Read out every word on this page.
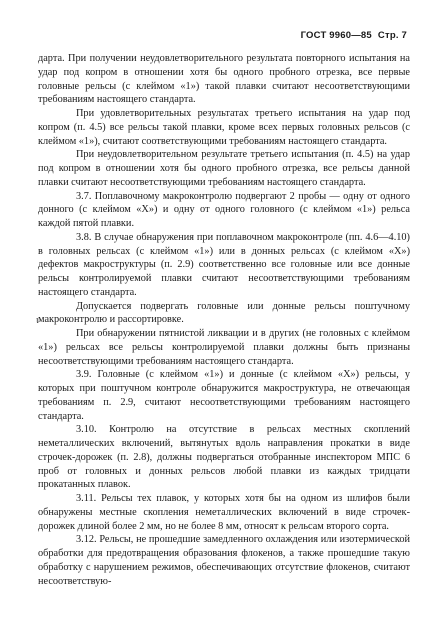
ГОСТ 9960—85 Стр. 7
ι

дарта. При получении неудовлетворительного результата повторного испытания на удар под копром в отношении хотя бы одного пробного отрезка, все первые головные рельсы (с клеймом «1») такой плавки считают несоответствующими требованиям настоящего стандарта.

При удовлетворительных результатах третьего испытания на удар под копром (п. 4.5) все рельсы такой плавки, кроме всех первых головных рельсов (с клеймом «1»), считают соответствующими требованиям настоящего стандарта.

При неудовлетворительном результате третьего испытания (п. 4.5) на удар под копром в отношении хотя бы одного пробного отрезка, все рельсы данной плавки считают несоответствующими требованиям настоящего стандарта.

3.7. Поплавочному макроконтролю подвергают 2 пробы — одну от одного донного (с клеймом «Х») и одну от одного головного (с клеймом «1») рельса каждой пятой плавки.

3.8. В случае обнаружения при поплавочном макроконтроле (пп. 4.6—4.10) в головных рельсах (с клеймом «1») или в донных рельсах (с клеймом «Х») дефектов макроструктуры (п. 2.9) соответственно все головные или все донные рельсы контролируемой плавки считают несоответствующими требованиям настоящего стандарта.

Допускается подвергать головные или донные рельсы поштучному макроконтролю и рассортировке.

При обнаружении пятнистой ликвации и в других (не головных с клеймом «1») рельсах все рельсы контролируемой плавки должны быть признаны несоответствующими требованиям настоящего стандарта.

3.9. Головные (с клеймом «1») и донные (с клеймом «Х») рельсы, у которых при поштучном контроле обнаружится макроструктура, не отвечающая требованиям п. 2.9, считают несоответствующими требованиям настоящего стандарта.

3.10. Контролю на отсутствие в рельсах местных скоплений неметаллических включений, вытянутых вдоль направления прокатки в виде строчек-дорожек (п. 2.8), должны подвергаться отобранные инспектором МПС 6 проб от головных и донных рельсов любой плавки из каждых тридцати прокатанных плавок.

3.11. Рельсы тех плавок, у которых хотя бы на одном из шлифов были обнаружены местные скопления неметаллических включений в виде строчек-дорожек длиной более 2 мм, но не более 8 мм, относят к рельсам второго сорта.

3.12. Рельсы, не прошедшие замедленного охлаждения или изотермической обработки для предотвращения образования флокенов, а также прошедшие такую обработку с нарушением режимов, обеспечивающих отсутствие флокенов, считают несоответствую-
